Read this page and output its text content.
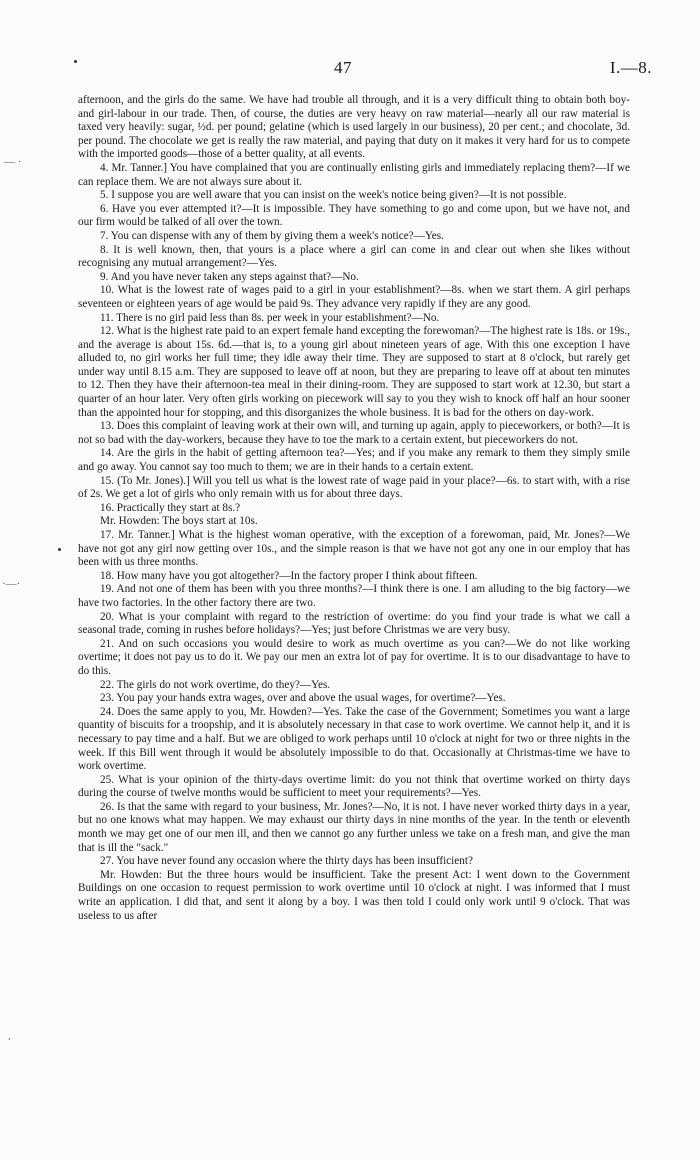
47	I.—8.
— ·
·—·
⸱

afternoon, and the girls do the same. We have had trouble all through, and it is a very difficult thing to obtain both boy- and girl-labour in our trade. Then, of course, the duties are very heavy on raw material—nearly all our raw material is taxed very heavily: sugar, ½d. per pound; gelatine (which is used largely in our business), 20 per cent.; and chocolate, 3d. per pound. The chocolate we get is really the raw material, and paying that duty on it makes it very hard for us to compete with the imported goods—those of a better quality, at all events.

4. Mr. Tanner.] You have complained that you are continually enlisting girls and immediately replacing them?—If we can replace them. We are not always sure about it.

5. I suppose you are well aware that you can insist on the week's notice being given?—It is not possible.

6. Have you ever attempted it?—It is impossible. They have something to go and come upon, but we have not, and our firm would be talked of all over the town.

7. You can dispense with any of them by giving them a week's notice?—Yes.

8. It is well known, then, that yours is a place where a girl can come in and clear out when she likes without recognising any mutual arrangement?—Yes.

9. And you have never taken any steps against that?—No.

10. What is the lowest rate of wages paid to a girl in your establishment?—8s. when we start them. A girl perhaps seventeen or eighteen years of age would be paid 9s. They advance very rapidly if they are any good.

11. There is no girl paid less than 8s. per week in your establishment?—No.

12. What is the highest rate paid to an expert female hand excepting the forewoman?—The highest rate is 18s. or 19s., and the average is about 15s. 6d.—that is, to a young girl about nineteen years of age. With this one exception I have alluded to, no girl works her full time; they idle away their time. They are supposed to start at 8 o'clock, but rarely get under way until 8.15 a.m. They are supposed to leave off at noon, but they are preparing to leave off at about ten minutes to 12. Then they have their afternoon-tea meal in their dining-room. They are supposed to start work at 12.30, but start a quarter of an hour later. Very often girls working on piecework will say to you they wish to knock off half an hour sooner than the appointed hour for stopping, and this disorganizes the whole business. It is bad for the others on day-work.

13. Does this complaint of leaving work at their own will, and turning up again, apply to pieceworkers, or both?—It is not so bad with the day-workers, because they have to toe the mark to a certain extent, but pieceworkers do not.

14. Are the girls in the habit of getting afternoon tea?—Yes; and if you make any remark to them they simply smile and go away. You cannot say too much to them; we are in their hands to a certain extent.

15. (To Mr. Jones).] Will you tell us what is the lowest rate of wage paid in your place?—6s. to start with, with a rise of 2s. We get a lot of girls who only remain with us for about three days.

16. Practically they start at 8s.?

Mr. Howden: The boys start at 10s.

17. Mr. Tanner.] What is the highest woman operative, with the exception of a forewoman, paid, Mr. Jones?—We have not got any girl now getting over 10s., and the simple reason is that we have not got any one in our employ that has been with us three months.

18. How many have you got altogether?—In the factory proper I think about fifteen.

19. And not one of them has been with you three months?—I think there is one. I am alluding to the big factory—we have two factories. In the other factory there are two.

20. What is your complaint with regard to the restriction of overtime: do you find your trade is what we call a seasonal trade, coming in rushes before holidays?—Yes; just before Christmas we are very busy.

21. And on such occasions you would desire to work as much overtime as you can?—We do not like working overtime; it does not pay us to do it. We pay our men an extra lot of pay for overtime. It is to our disadvantage to have to do this.

22. The girls do not work overtime, do they?—Yes.

23. You pay your hands extra wages, over and above the usual wages, for overtime?—Yes.

24. Does the same apply to you, Mr. Howden?—Yes. Take the case of the Government; Sometimes you want a large quantity of biscuits for a troopship, and it is absolutely necessary in that case to work overtime. We cannot help it, and it is necessary to pay time and a half. But we are obliged to work perhaps until 10 o'clock at night for two or three nights in the week. If this Bill went through it would be absolutely impossible to do that. Occasionally at Christmas-time we have to work overtime.

25. What is your opinion of the thirty-days overtime limit: do you not think that overtime worked on thirty days during the course of twelve months would be sufficient to meet your requirements?—Yes.

26. Is that the same with regard to your business, Mr. Jones?—No, it is not. I have never worked thirty days in a year, but no one knows what may happen. We may exhaust our thirty days in nine months of the year. In the tenth or eleventh month we may get one of our men ill, and then we cannot go any further unless we take on a fresh man, and give the man that is ill the "sack."

27. You have never found any occasion where the thirty days has been insufficient?

Mr. Howden: But the three hours would be insufficient. Take the present Act: I went down to the Government Buildings on one occasion to request permission to work overtime until 10 o'clock at night. I was informed that I must write an application. I did that, and sent it along by a boy. I was then told I could only work until 9 o'clock. That was useless to us after
